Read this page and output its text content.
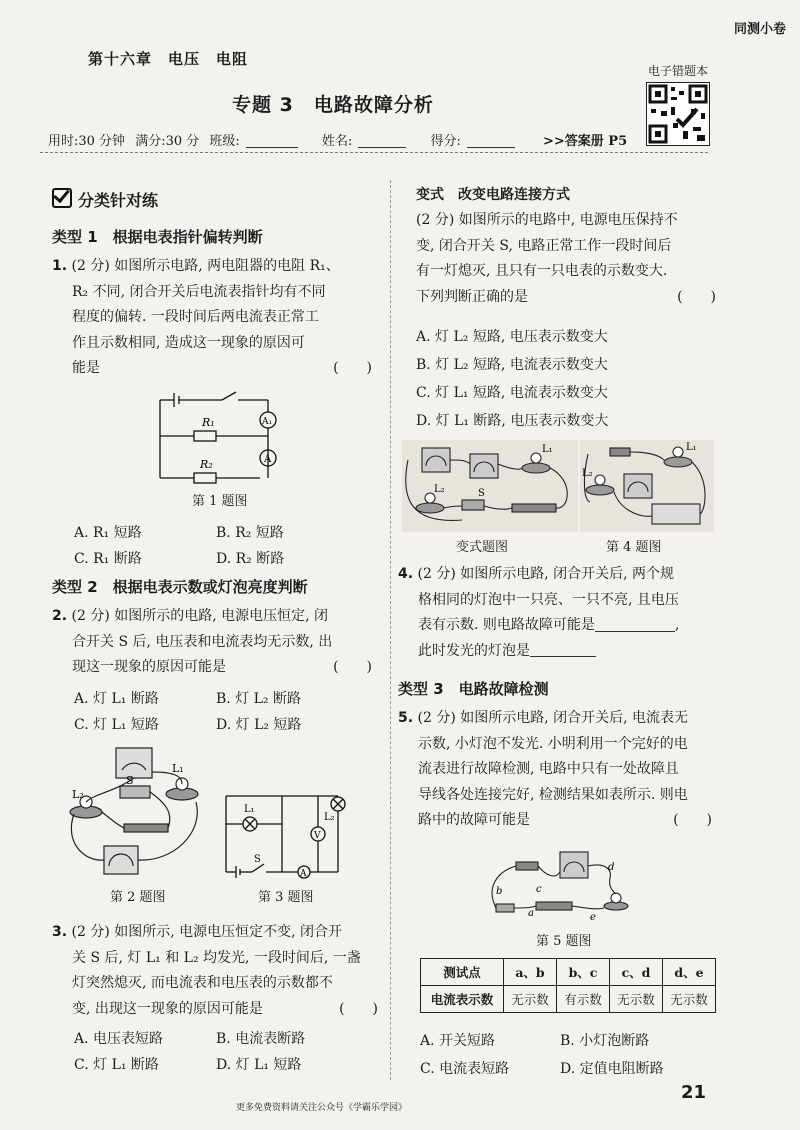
同测小卷
第十六章　电压　电阻
专题 3　电路故障分析
电子错题本
用时:30 分钟 满分:30 分 班级:	姓名:	得分:	>>答案册 P5
分类针对练
类型 1　根据电表指针偏转判断
1. (2 分) 如图所示电路, 两电阻器的电阻 R₁、
R₂ 不同, 闭合开关后电流表指针均有不同
程度的偏转. 一段时间后两电流表正常工
作且示数相同, 造成这一现象的原因可
能是	(　　)
R₁
R₂
A₁
A
第 1 题图
A. R₁ 短路	B. R₂ 短路
C. R₁ 断路	D. R₂ 断路
类型 2　根据电表示数或灯泡亮度判断
2. (2 分) 如图所示的电路, 电源电压恒定, 闭
合开关 S 后, 电压表和电流表均无示数, 出
现这一现象的原因可能是	(　　)
A. 灯 L₁ 断路	B. 灯 L₂ 断路
C. 灯 L₁ 短路	D. 灯 L₂ 短路
L₂
L₁
S
第 2 题图
L₁
L₂
S
V
A
第 3 题图
3. (2 分) 如图所示, 电源电压恒定不变, 闭合开
关 S 后, 灯 L₁ 和 L₂ 均发光, 一段时间后, 一盏
灯突然熄灭, 而电流表和电压表的示数都不
变, 出现这一现象的原因可能是	(　　)
A. 电压表短路	B. 电流表断路
C. 灯 L₁ 断路	D. 灯 L₁ 短路
变式　改变电路连接方式
(2 分) 如图所示的电路中, 电源电压保持不
变, 闭合开关 S, 电路正常工作一段时间后
有一灯熄灭, 且只有一只电表的示数变大.
下列判断正确的是	(　　)
A. 灯 L₂ 短路, 电压表示数变大
B. 灯 L₂ 短路, 电流表示数变大
C. 灯 L₁ 短路, 电流表示数变大
D. 灯 L₁ 断路, 电压表示数变大
L₁
L₂	S
变式题图
L₁
L₂
第 4 题图
4. (2 分) 如图所示电路, 闭合开关后, 两个规
格相同的灯泡中一只亮、一只不亮, 且电压
表有示数. 则电路故障可能是	,
此时发光的灯泡是
类型 3　电路故障检测
5. (2 分) 如图所示电路, 闭合开关后, 电流表无
示数, 小灯泡不发光. 小明利用一个完好的电
流表进行故障检测, 电路中只有一处故障且
导线各处连接完好, 检测结果如表所示. 则电
路中的故障可能是	(　　)
d
c
b
a	e
第 5 题图
测试点	a、b	b、c	c、d	d、e
电流表示数	无示数	有示数	无示数	无示数
A. 开关短路	B. 小灯泡断路
C. 电流表短路	D. 定值电阻断路
21
更多免费资料请关注公众号《学霸乐学园》
